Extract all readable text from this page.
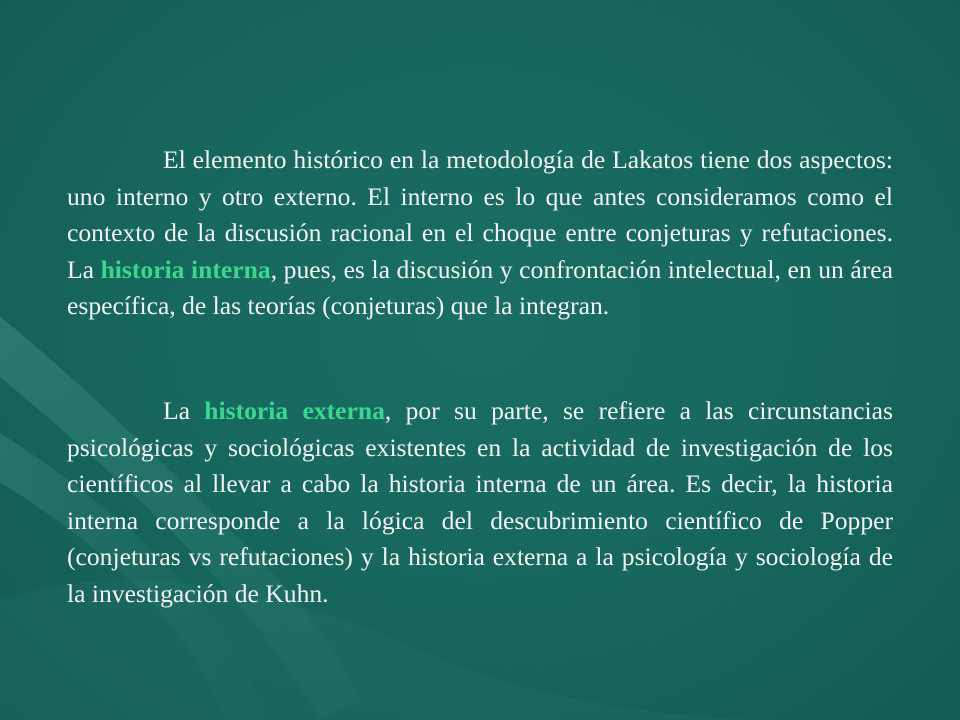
El elemento histórico en la metodología de Lakatos tiene dos aspectos: uno interno y otro externo. El interno es lo que antes consideramos como el contexto de la discusión racional en el choque entre conjeturas y refutaciones. La historia interna, pues, es la discusión y confrontación intelectual, en un área específica, de las teorías (conjeturas) que la integran.

La historia externa, por su parte, se refiere a las circunstancias psicológicas y sociológicas existentes en la actividad de investigación de los científicos al llevar a cabo la historia interna de un área. Es decir, la historia interna corresponde a la lógica del descubrimiento científico de Popper (conjeturas vs refutaciones) y la historia externa a la psicología y sociología de la investigación de Kuhn.
